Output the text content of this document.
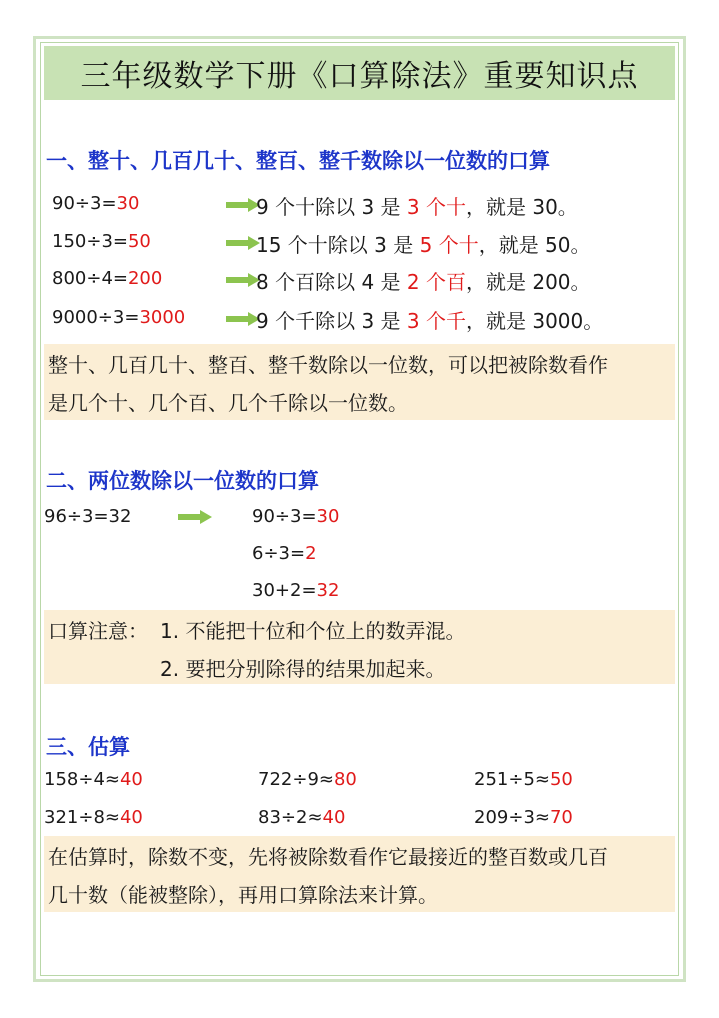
三年级数学下册《口算除法》重要知识点
一、整十、几百几十、整百、整千数除以一位数的口算
90÷3=30	9 个十除以 3 是 3 个十，就是 30。
150÷3=50	15 个十除以 3 是 5 个十，就是 50。
800÷4=200	8 个百除以 4 是 2 个百，就是 200。
9000÷3=3000	9 个千除以 3 是 3 个千，就是 3000。
整十、几百几十、整百、整千数除以一位数，可以把被除数看作
是几个十、几个百、几个千除以一位数。
二、两位数除以一位数的口算
96÷3=32	90÷3=30
6÷3=2
30+2=32
口算注意： 1. 不能把十位和个位上的数弄混。
2. 要把分别除得的结果加起来。
三、估算
158÷4≈40	722÷9≈80	251÷5≈50
321÷8≈40	83÷2≈40	209÷3≈70
在估算时，除数不变，先将被除数看作它最接近的整百数或几百
几十数（能被整除），再用口算除法来计算。
